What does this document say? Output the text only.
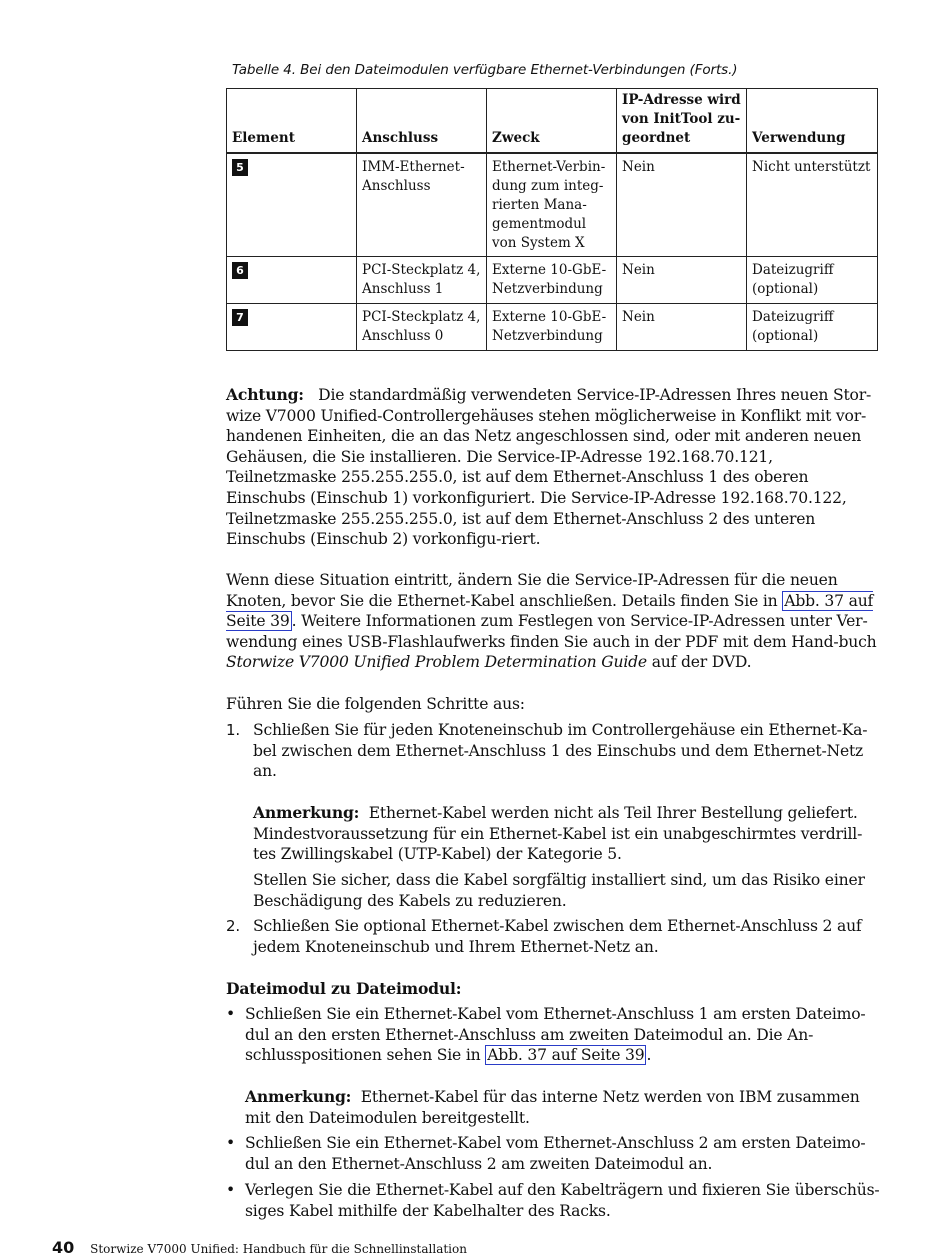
Tabelle 4. Bei den Dateimodulen verfügbare Ethernet-Verbindungen (Forts.)
Element	Anschluss	Zweck	IP-Adresse wird von InitTool zu-geordnet	Verwendung
5	IMM-Ethernet-Anschluss	Ethernet-Verbin-dung zum integ-rierten Mana-gementmodul von System X	Nein	Nicht unterstützt
6	PCI-Steckplatz 4, Anschluss 1	Externe 10-GbE-Netzverbindung	Nein	Dateizugriff (optional)
7	PCI-Steckplatz 4, Anschluss 0	Externe 10-GbE-Netzverbindung	Nein	Dateizugriff (optional)

Achtung: Die standardmäßig verwendeten Service-IP-Adressen Ihres neuen Stor-wize V7000 Unified-Controllergehäuses stehen möglicherweise in Konflikt mit vor-handenen Einheiten, die an das Netz angeschlossen sind, oder mit anderen neuen Gehäusen, die Sie installieren. Die Service-IP-Adresse 192.168.70.121, Teilnetzmaske 255.255.255.0, ist auf dem Ethernet-Anschluss 1 des oberen Einschubs (Einschub 1) vorkonfiguriert. Die Service-IP-Adresse 192.168.70.122, Teilnetzmaske 255.255.255.0, ist auf dem Ethernet-Anschluss 2 des unteren Einschubs (Einschub 2) vorkonfigu-riert.

Wenn diese Situation eintritt, ändern Sie die Service-IP-Adressen für die neuen Knoten, bevor Sie die Ethernet-Kabel anschließen. Details finden Sie in Abb. 37 auf Seite 39 . Weitere Informationen zum Festlegen von Service-IP-Adressen unter Ver-wendung eines USB-Flashlaufwerks finden Sie auch in der PDF mit dem Hand-buch Storwize V7000 Unified Problem Determination Guide auf der DVD.

Führen Sie die folgenden Schritte aus:
1. Schließen Sie für jeden Knoteneinschub im Controllergehäuse ein Ethernet-Ka-bel zwischen dem Ethernet-Anschluss 1 des Einschubs und dem Ethernet-Netz an.
Anmerkung: Ethernet-Kabel werden nicht als Teil Ihrer Bestellung geliefert. Mindestvoraussetzung für ein Ethernet-Kabel ist ein unabgeschirmtes verdrill-tes Zwillingskabel (UTP-Kabel) der Kategorie 5.
Stellen Sie sicher, dass die Kabel sorgfältig installiert sind, um das Risiko einer Beschädigung des Kabels zu reduzieren.
2. Schließen Sie optional Ethernet-Kabel zwischen dem Ethernet-Anschluss 2 auf jedem Knoteneinschub und Ihrem Ethernet-Netz an.
Dateimodul zu Dateimodul:
• Schließen Sie ein Ethernet-Kabel vom Ethernet-Anschluss 1 am ersten Dateimo-dul an den ersten Ethernet-Anschluss am zweiten Dateimodul an. Die An-schlusspositionen sehen Sie in Abb. 37 auf Seite 39 .
Anmerkung: Ethernet-Kabel für das interne Netz werden von IBM zusammen mit den Dateimodulen bereitgestellt.
• Schließen Sie ein Ethernet-Kabel vom Ethernet-Anschluss 2 am ersten Dateimo-dul an den Ethernet-Anschluss 2 am zweiten Dateimodul an.
• Verlegen Sie die Ethernet-Kabel auf den Kabelträgern und fixieren Sie überschüs-siges Kabel mithilfe der Kabelhalter des Racks.
40 Storwize V7000 Unified: Handbuch für die Schnellinstallation
